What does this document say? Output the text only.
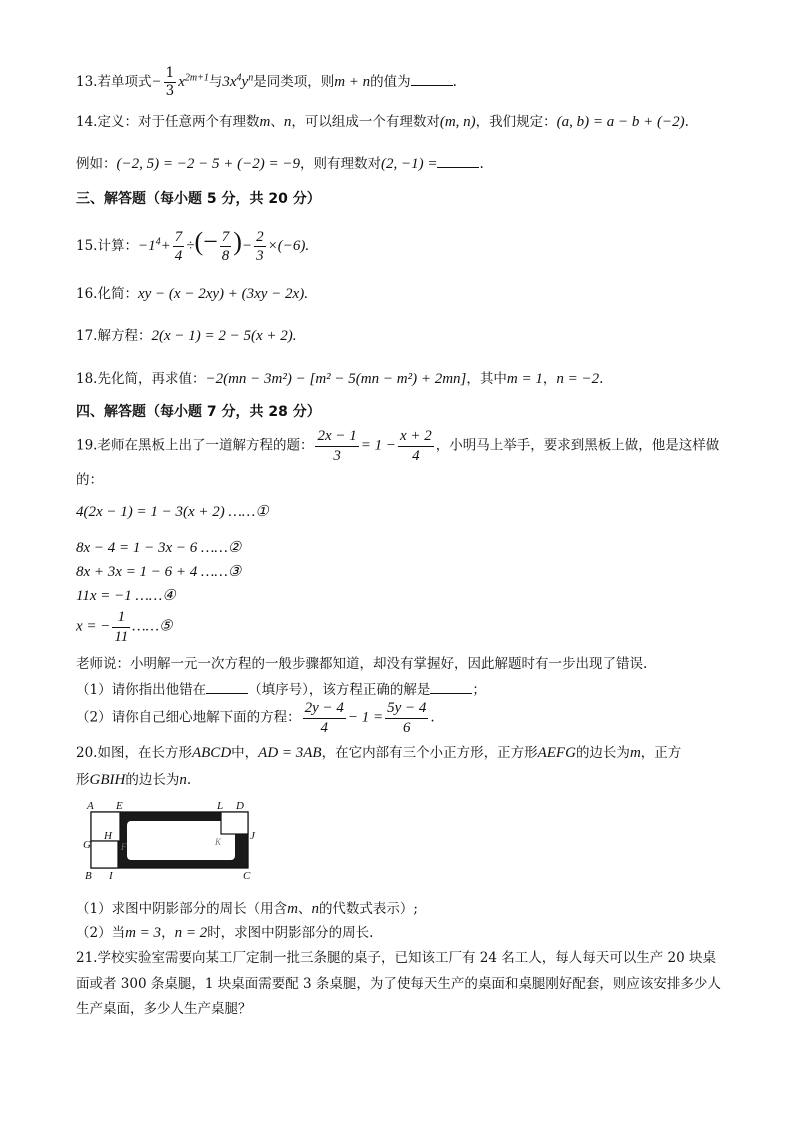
13.若单项式− $\frac{1}{3} x^{2m+1}$与$3x^4y^n$是同类项，则m + n的值为	.
14.定义：对于任意两个有理数m、n，可以组成一个有理数对(m, n)，我们规定：(a, b) = a − b + (−2).
例如：(−2, 5) = −2 − 5 + (−2) = −9，则有理数对(2, −1) =	.
三、解答题（每小题 5 分，共 20 分）
15.计算：$-1^4+ \frac{7}{4}$ ÷(− $\frac{7}{8}$ )− $\frac{2}{3} \times(-6)$.
16.化简：xy − (x − 2xy) + (3xy − 2x).
17.解方程：2(x − 1) = 2 − 5(x + 2).
18.先化简，再求值：−2(mn − 3m²) − [m² − 5(mn − m²) + 2mn]，其中m = 1，n = −2.
四、解答题（每小题 7 分，共 28 分）
19.老师在黑板上出了一道解方程的题： $\frac{2x - 1}{3} = 1 - \frac{x + 2}{4}$ ，小明马上举手，要求到黑板上做，他是这样做
的：
4(2x − 1) = 1 − 3(x + 2) ……①
8x − 4 = 1 − 3x − 6 ……②
8x + 3x = 1 − 6 + 4 ……③
11x = −1 ……④
x = − $\frac{1}{11}$ ……⑤
老师说：小明解一元一次方程的一般步骤都知道，却没有掌握好，因此解题时有一步出现了错误.
（1）请你指出他错在	（填序号），该方程正确的解是	；
（2）请你自己细心地解下面的方程： $\frac{2y - 4}{4} - 1 = \frac{5y - 4}{6}$ .
20.如图，在长方形ABCD中，AD = 3AB，在它内部有三个小正方形，正方形AEFG的边长为m，正方
形GBIH的边长为n.
A E	L D
J
G
H
F	K
B I	C
（1）求图中阴影部分的周长（用含m、n的代数式表示）;
（2）当m = 3，n = 2时，求图中阴影部分的周长.
21.学校实验室需要向某工厂定制一批三条腿的桌子，已知该工厂有 24 名工人，每人每天可以生产 20 块桌
面或者 300 条桌腿，1 块桌面需要配 3 条桌腿，为了使每天生产的桌面和桌腿刚好配套，则应该安排多少人
生产桌面，多少人生产桌腿？
